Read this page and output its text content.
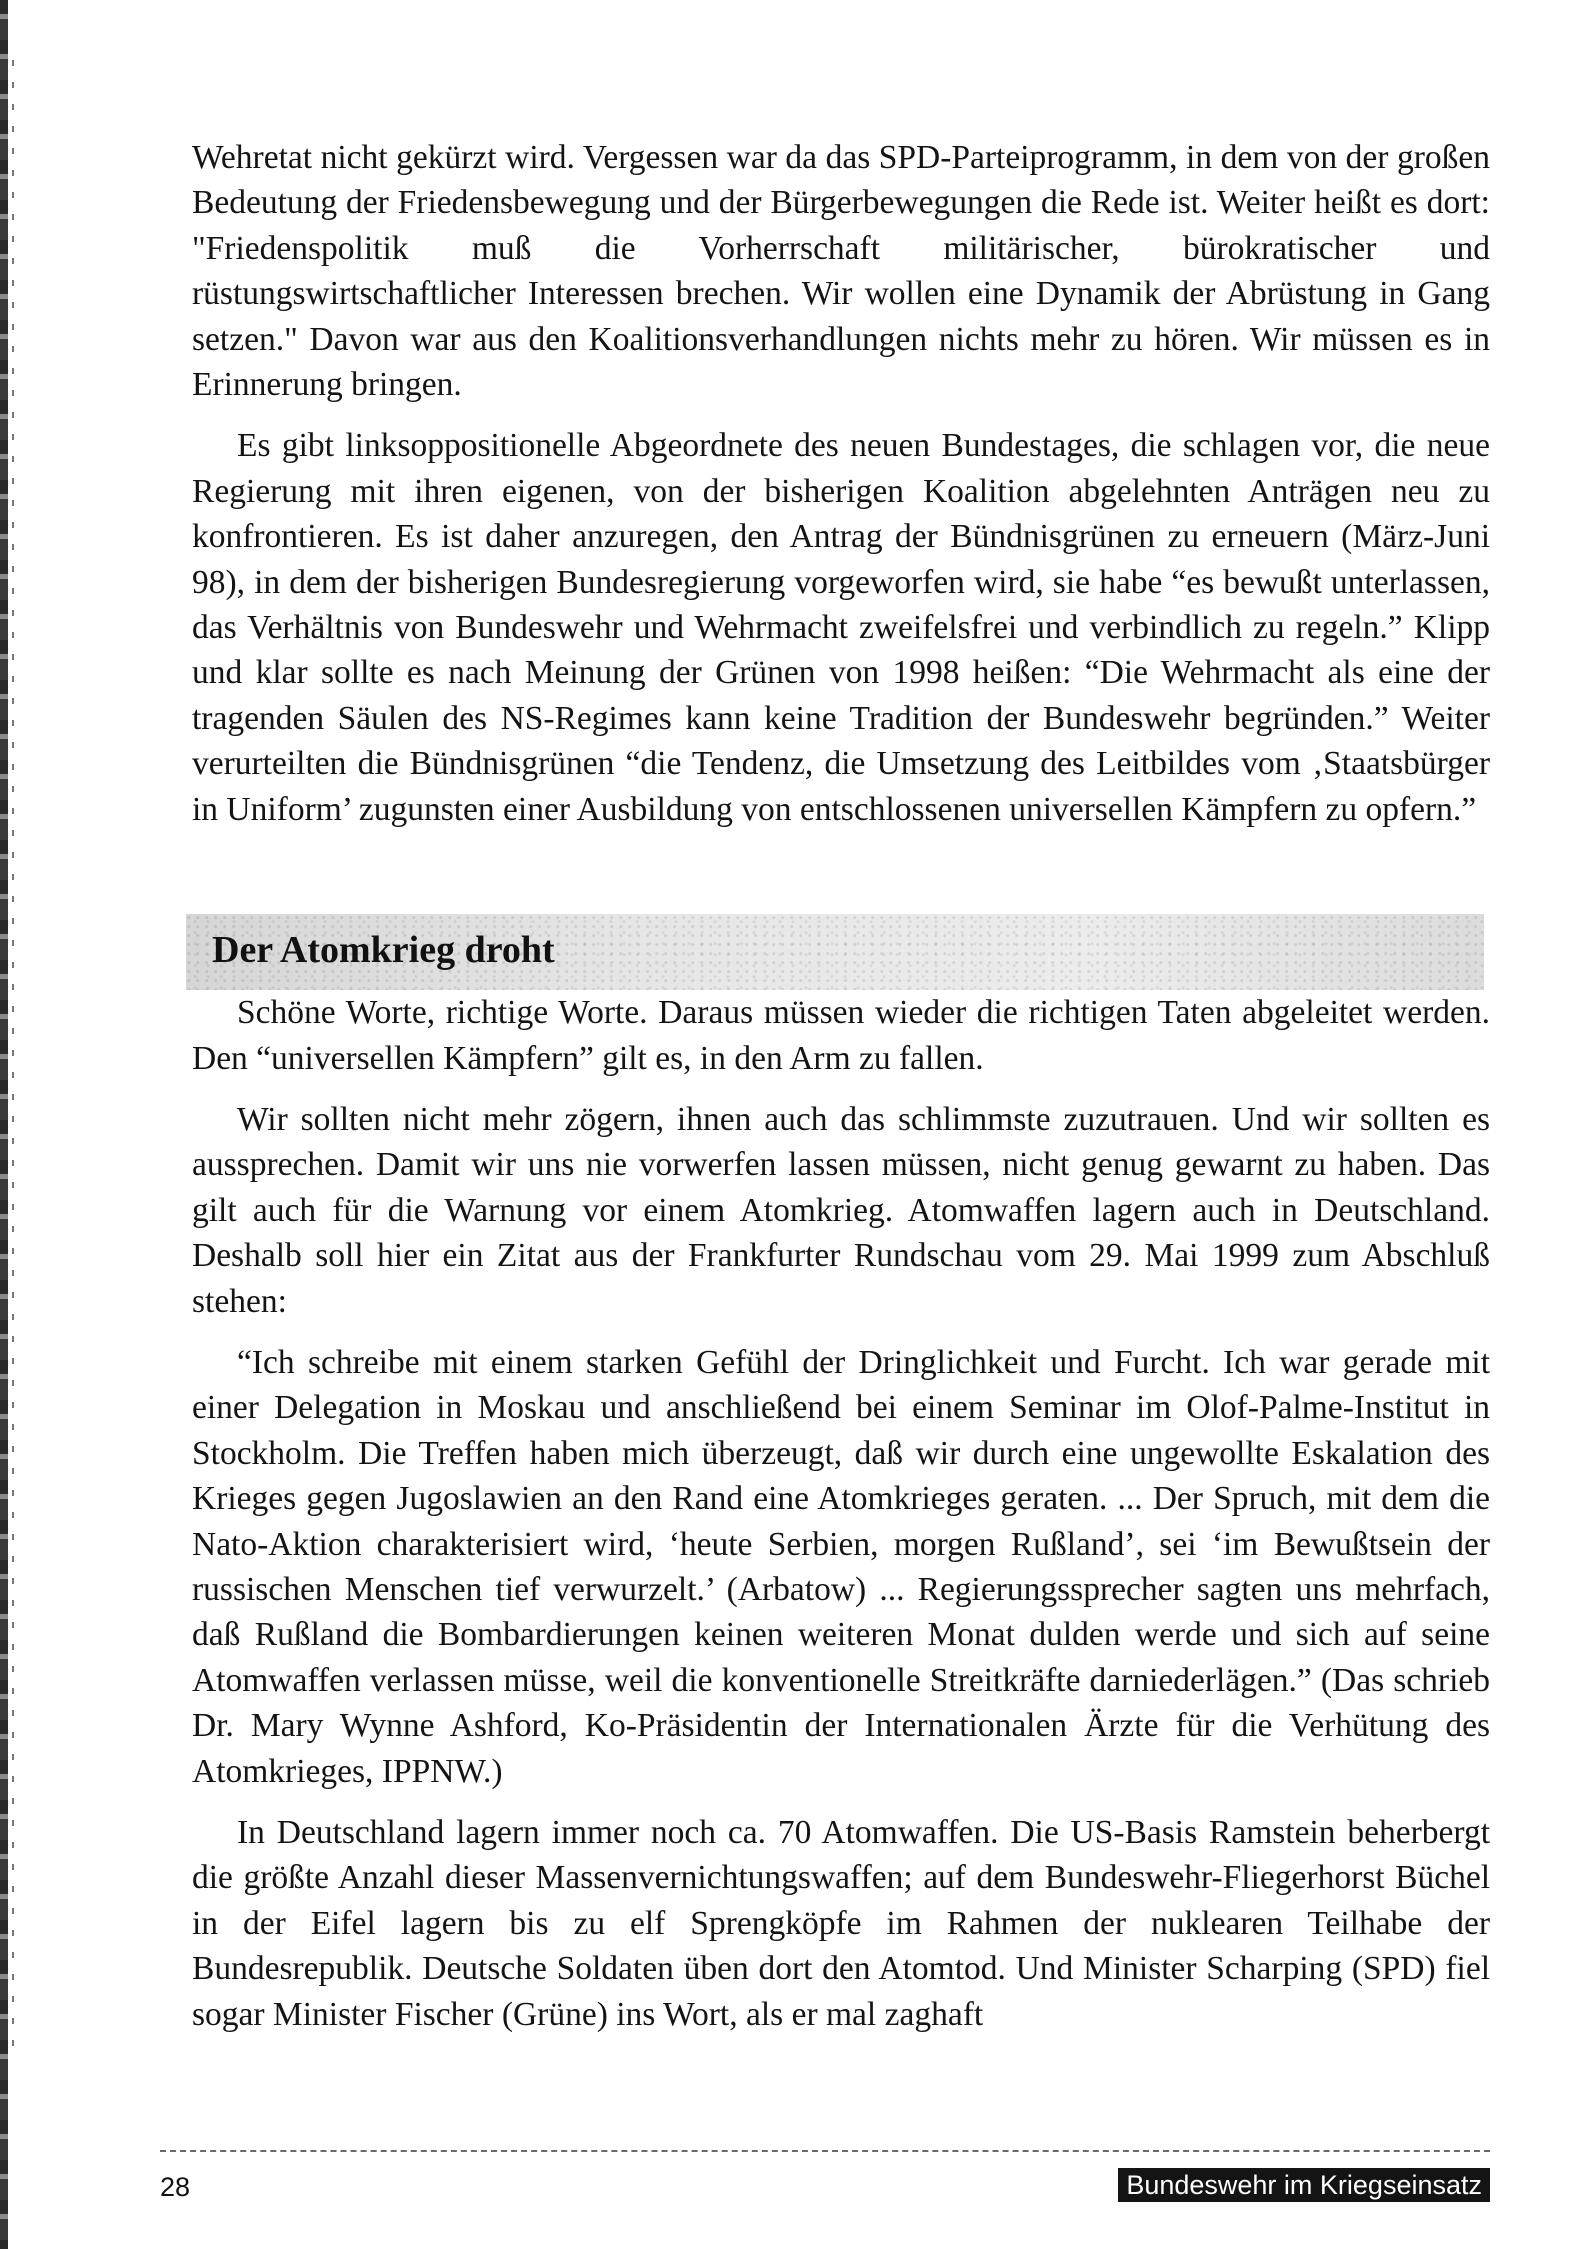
Wehretat nicht gekürzt wird. Vergessen war da das SPD-Parteiprogramm, in dem von der großen Bedeutung der Friedensbewegung und der Bürgerbewegungen die Rede ist. Weiter heißt es dort: "Friedenspolitik muß die Vorherrschaft militärischer, bürokratischer und rüstungswirtschaftlicher Interessen brechen. Wir wollen eine Dynamik der Abrüstung in Gang setzen." Davon war aus den Koalitionsverhandlungen nichts mehr zu hören. Wir müssen es in Erinnerung bringen.

Es gibt linksoppositionelle Abgeordnete des neuen Bundestages, die schlagen vor, die neue Regierung mit ihren eigenen, von der bisherigen Koalition abgelehnten Anträgen neu zu konfrontieren. Es ist daher anzuregen, den Antrag der Bündnisgrünen zu erneuern (März-Juni 98), in dem der bisherigen Bundesregierung vorgeworfen wird, sie habe “es bewußt unterlassen, das Verhältnis von Bundeswehr und Wehrmacht zweifelsfrei und verbindlich zu regeln.” Klipp und klar sollte es nach Meinung der Grünen von 1998 heißen: “Die Wehrmacht als eine der tragenden Säulen des NS-Regimes kann keine Tradition der Bundeswehr begründen.” Weiter verurteilten die Bündnisgrünen “die Tendenz, die Umsetzung des Leitbildes vom ‚Staatsbürger in Uniform’ zugunsten einer Ausbildung von entschlossenen universellen Kämpfern zu opfern.”

Der Atomkrieg droht

Schöne Worte, richtige Worte. Daraus müssen wieder die richtigen Taten abgeleitet werden. Den “universellen Kämpfern” gilt es, in den Arm zu fallen.

Wir sollten nicht mehr zögern, ihnen auch das schlimmste zuzutrauen. Und wir sollten es aussprechen. Damit wir uns nie vorwerfen lassen müssen, nicht genug gewarnt zu haben. Das gilt auch für die Warnung vor einem Atomkrieg. Atomwaffen lagern auch in Deutschland. Deshalb soll hier ein Zitat aus der Frankfurter Rundschau vom 29. Mai 1999 zum Abschluß stehen:

“Ich schreibe mit einem starken Gefühl der Dringlichkeit und Furcht. Ich war gerade mit einer Delegation in Moskau und anschließend bei einem Seminar im Olof-Palme-Institut in Stockholm. Die Treffen haben mich überzeugt, daß wir durch eine ungewollte Eskalation des Krieges gegen Jugoslawien an den Rand eine Atomkrieges geraten. ... Der Spruch, mit dem die Nato-Aktion charakterisiert wird, ‘heute Serbien, morgen Rußland’, sei ‘im Bewußtsein der russischen Menschen tief verwurzelt.’ (Arbatow) ... Regierungssprecher sagten uns mehrfach, daß Rußland die Bombardierungen keinen weiteren Monat dulden werde und sich auf seine Atomwaffen verlassen müsse, weil die konventionelle Streitkräfte darniederlägen.” (Das schrieb Dr. Mary Wynne Ashford, Ko-Präsidentin der Internationalen Ärzte für die Verhütung des Atomkrieges, IPPNW.)

In Deutschland lagern immer noch ca. 70 Atomwaffen. Die US-Basis Ramstein beherbergt die größte Anzahl dieser Massenvernichtungswaffen; auf dem Bundeswehr-Fliegerhorst Büchel in der Eifel lagern bis zu elf Sprengköpfe im Rahmen der nuklearen Teilhabe der Bundesrepublik. Deutsche Soldaten üben dort den Atomtod. Und Minister Scharping (SPD) fiel sogar Minister Fischer (Grüne) ins Wort, als er mal zaghaft

28	Bundeswehr im Kriegseinsatz
